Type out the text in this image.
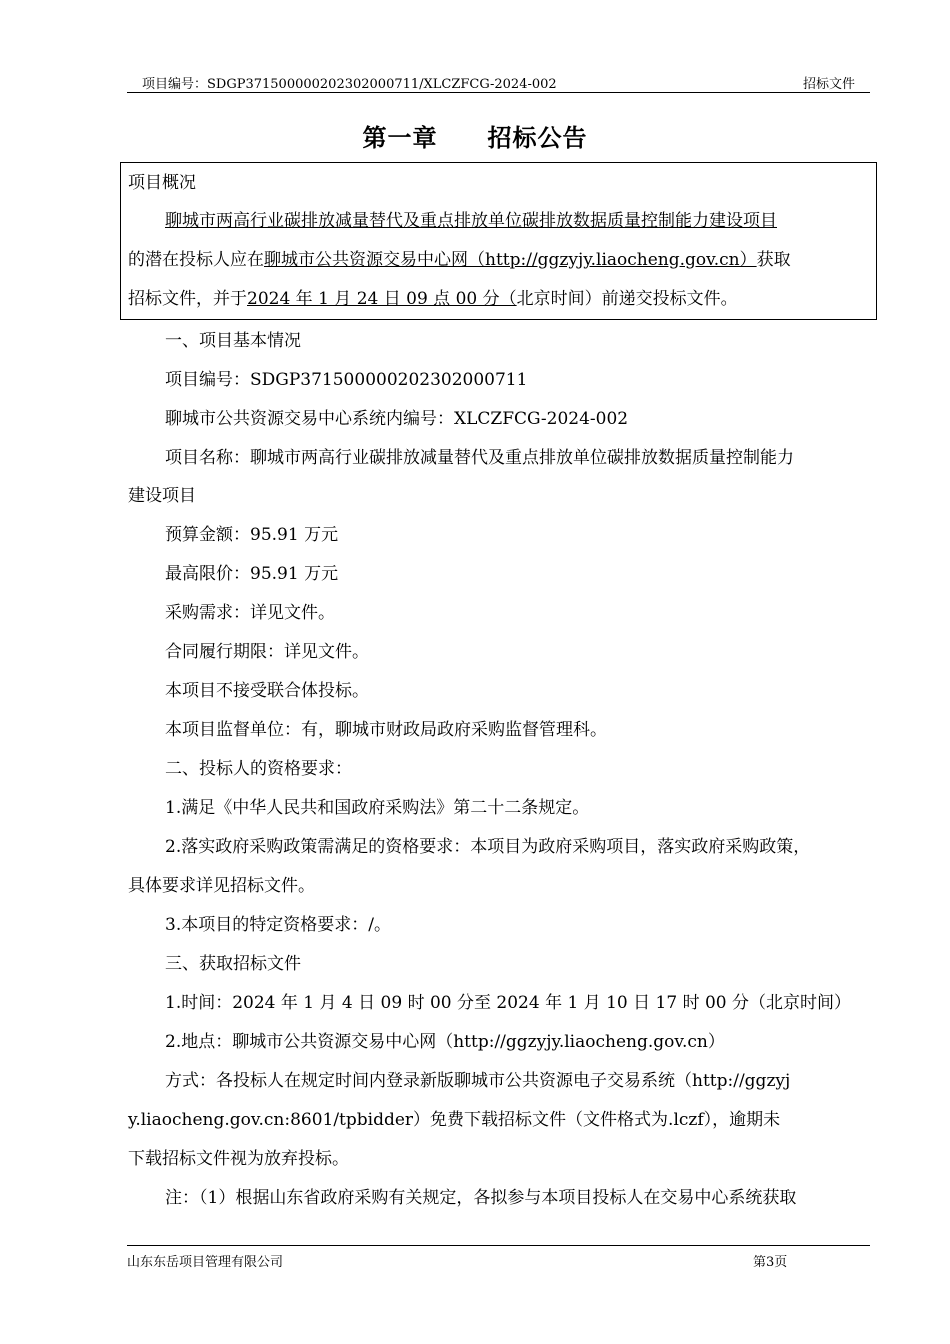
项目编号：SDGP371500000202302000711/XLCZFCG-2024-002	招标文件
第一章 招标公告
项目概况
聊城市两高行业碳排放减量替代及重点排放单位碳排放数据质量控制能力建设项目
的潜在投标人应在聊城市公共资源交易中心网（http://ggzyjy.liaocheng.gov.cn）获取
招标文件，并于2024 年 1 月 24 日 09 点 00 分（北京时间）前递交投标文件。
一、项目基本情况
项目编号：SDGP371500000202302000711
聊城市公共资源交易中心系统内编号：XLCZFCG-2024-002
项目名称：聊城市两高行业碳排放减量替代及重点排放单位碳排放数据质量控制能力
建设项目
预算金额：95.91 万元
最高限价：95.91 万元
采购需求：详见文件。
合同履行期限：详见文件。
本项目不接受联合体投标。
本项目监督单位：有，聊城市财政局政府采购监督管理科。
二、投标人的资格要求：
1.满足《中华人民共和国政府采购法》第二十二条规定。
2.落实政府采购政策需满足的资格要求：本项目为政府采购项目，落实政府采购政策，
具体要求详见招标文件。
3.本项目的特定资格要求：/。
三、获取招标文件
1.时间：2024 年 1 月 4 日 09 时 00 分至 2024 年 1 月 10 日 17 时 00 分（北京时间）
2.地点：聊城市公共资源交易中心网（http://ggzyjy.liaocheng.gov.cn）
方式：各投标人在规定时间内登录新版聊城市公共资源电子交易系统（http://ggzyj
y.liaocheng.gov.cn:8601/tpbidder）免费下载招标文件（文件格式为.lczf），逾期未
下载招标文件视为放弃投标。
注：（1）根据山东省政府采购有关规定，各拟参与本项目投标人在交易中心系统获取
山东东岳项目管理有限公司	第3页
